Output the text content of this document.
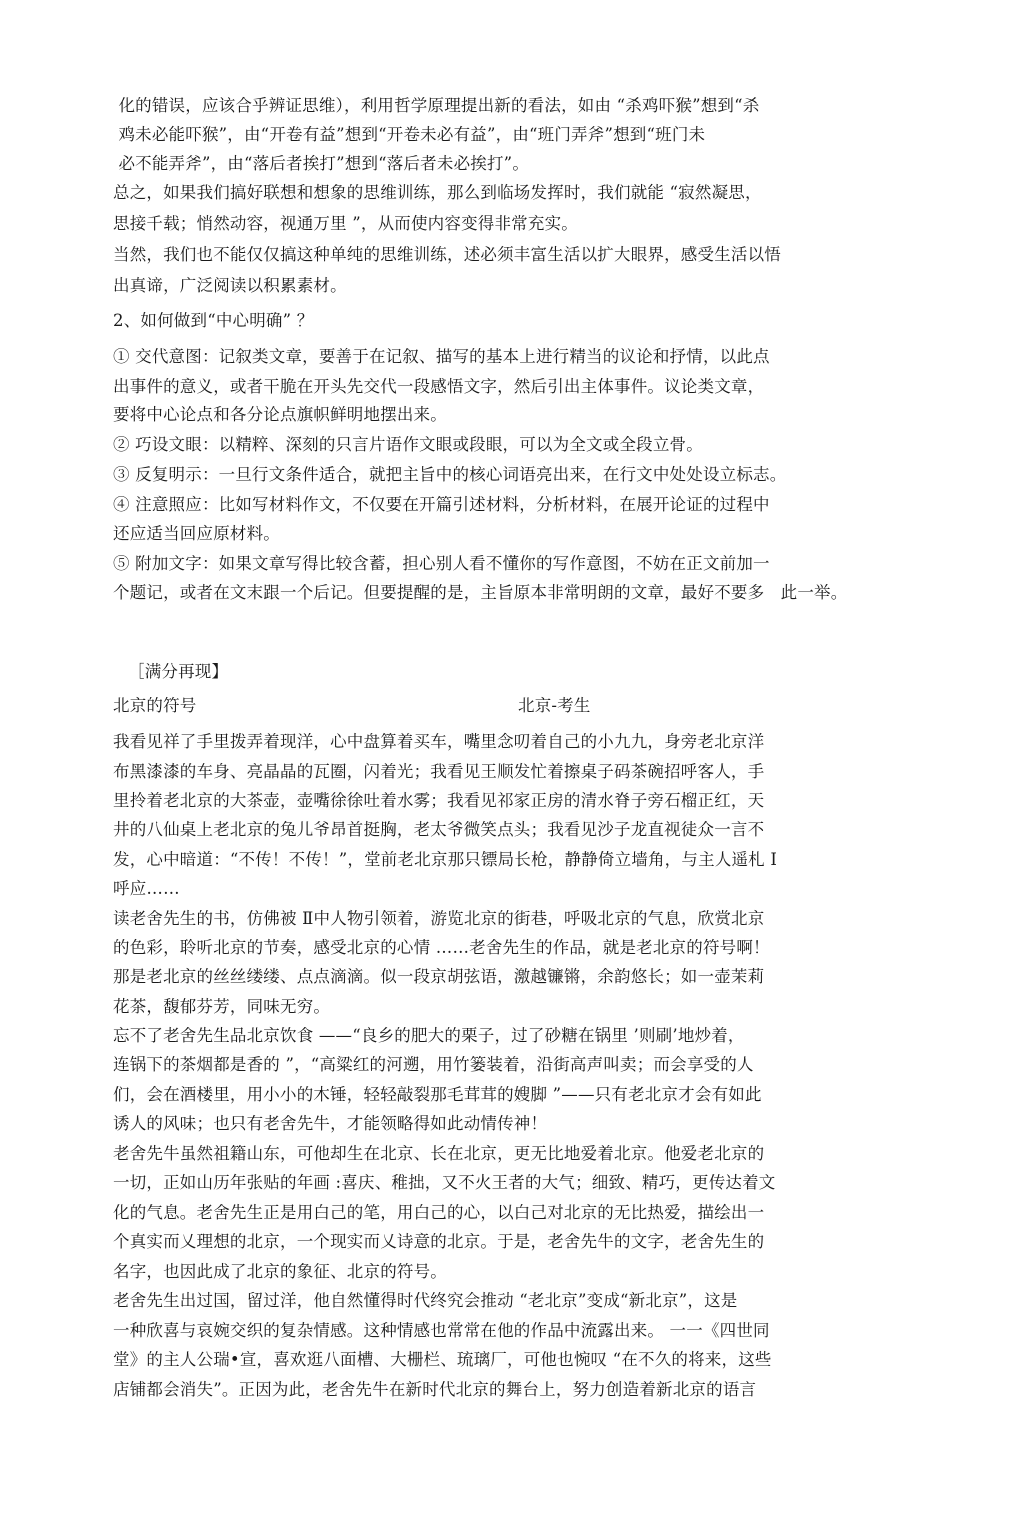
化的错误，应该合乎辨证思维），利用哲学原理提出新的看法，如由 “杀鸡吓猴”想到“杀
鸡未必能吓猴”，由“开卷有益”想到“开卷未必有益”，由“班门弄斧”想到“班门未
必不能弄斧”，由“落后者挨打”想到“落后者未必挨打”。
总之，如果我们搞好联想和想象的思维训练，那么到临场发挥时，我们就能 “寂然凝思，
思接千载；悄然动容，视通万里 ”，从而使内容变得非常充实。
当然，我们也不能仅仅搞这种单纯的思维训练，述必须丰富生活以扩大眼界，感受生活以悟
出真谛，广泛阅读以积累素材。
2、如何做到“中心明确” ？
① 交代意图：记叙类文章，要善于在记叙、描写的基本上进行精当的议论和抒情，以此点
出事件的意义，或者干脆在开头先交代一段感悟文字，然后引出主体事件。议论类文章，
要将中心论点和各分论点旗帜鲜明地摆出来。
② 巧设文眼：以精粹、深刻的只言片语作文眼或段眼，可以为全文或全段立骨。
③ 反复明示：一旦行文条件适合，就把主旨中的核心词语亮出来，在行文中处处设立标志。
④ 注意照应：比如写材料作文，不仅要在开篇引述材料，分析材料，在展开论证的过程中
还应适当回应原材料。
⑤ 附加文字：如果文章写得比较含蓄，担心别人看不懂你的写作意图，不妨在正文前加一
个题记，或者在文末跟一个后记。但要提醒的是，主旨原本非常明朗的文章，最好不要多   此一举。
［满分再现】
北京的符号	北京-考生
我看见祥了手里拨弄着现洋，心中盘算着买车，嘴里念叨着自己的小九九，身旁老北京洋
布黑漆漆的车身、亮晶晶的瓦圈，闪着光；我看见王顺发忙着擦桌子码茶碗招呼客人，手
里拎着老北京的大茶壶，壶嘴徐徐吐着水雾；我看见祁家正房的清水脊子旁石榴正红，天
井的八仙桌上老北京的兔儿爷昂首挺胸，老太爷微笑点头；我看见沙子龙直视徒众一言不
发，心中暗道：“不传！不传！”，堂前老北京那只镖局长枪，静静倚立墙角，与主人遥札 I
呼应……
读老舍先生的书，仿佛被 Ⅱ中人物引领着，游览北京的街巷，呼吸北京的气息，欣赏北京
的色彩，聆听北京的节奏，感受北京的心情 ……老舍先生的作品，就是老北京的符号啊！
那是老北京的丝丝缕缕、点点滴滴。似一段京胡弦语，激越镰锵，余韵悠长；如一壶茉莉
花茶，馥郁芬芳，同味无穷。
忘不了老舍先生品北京饮食 ——“良乡的肥大的栗子，过了砂糖在锅里 ’则刷’地炒着，
连锅下的茶烟都是香的 ”，“高粱红的河遡，用竹篓装着，沿街高声叫卖；而会享受的人
们，会在酒楼里，用小小的木锤，轻轻敲裂那毛茸茸的嫂脚 ”——只有老北京才会有如此
诱人的风味；也只有老舍先牛，才能领略得如此动情传神！
老舍先牛虽然祖籍山东，可他却生在北京、长在北京，更无比地爱着北京。他爱老北京的
一切，正如山历年张贴的年画 :喜庆、稚拙，又不火王者的大气；细致、精巧，更传达着文
化的气息。老舍先生正是用白己的笔，用白己的心，以白己对北京的无比热爱，描绘出一
个真实而乂理想的北京，一个现实而乂诗意的北京。于是，老舍先牛的文字，老舍先生的
名字，也因此成了北京的象征、北京的符号。
老舍先生出过国，留过洋，他自然懂得时代终究会推动 “老北京”变成“新北京”，这是
一种欣喜与哀婉交织的复杂情感。这种情感也常常在他的作品中流露出来。 一一《四世同
堂》的主人公瑞•宣，喜欢逛八面槽、大栅栏、琉璃厂，可他也惋叹 “在不久的将来，这些
店铺都会消失”。正因为此，老舍先牛在新时代北京的舞台上，努力创造着新北京的语言
